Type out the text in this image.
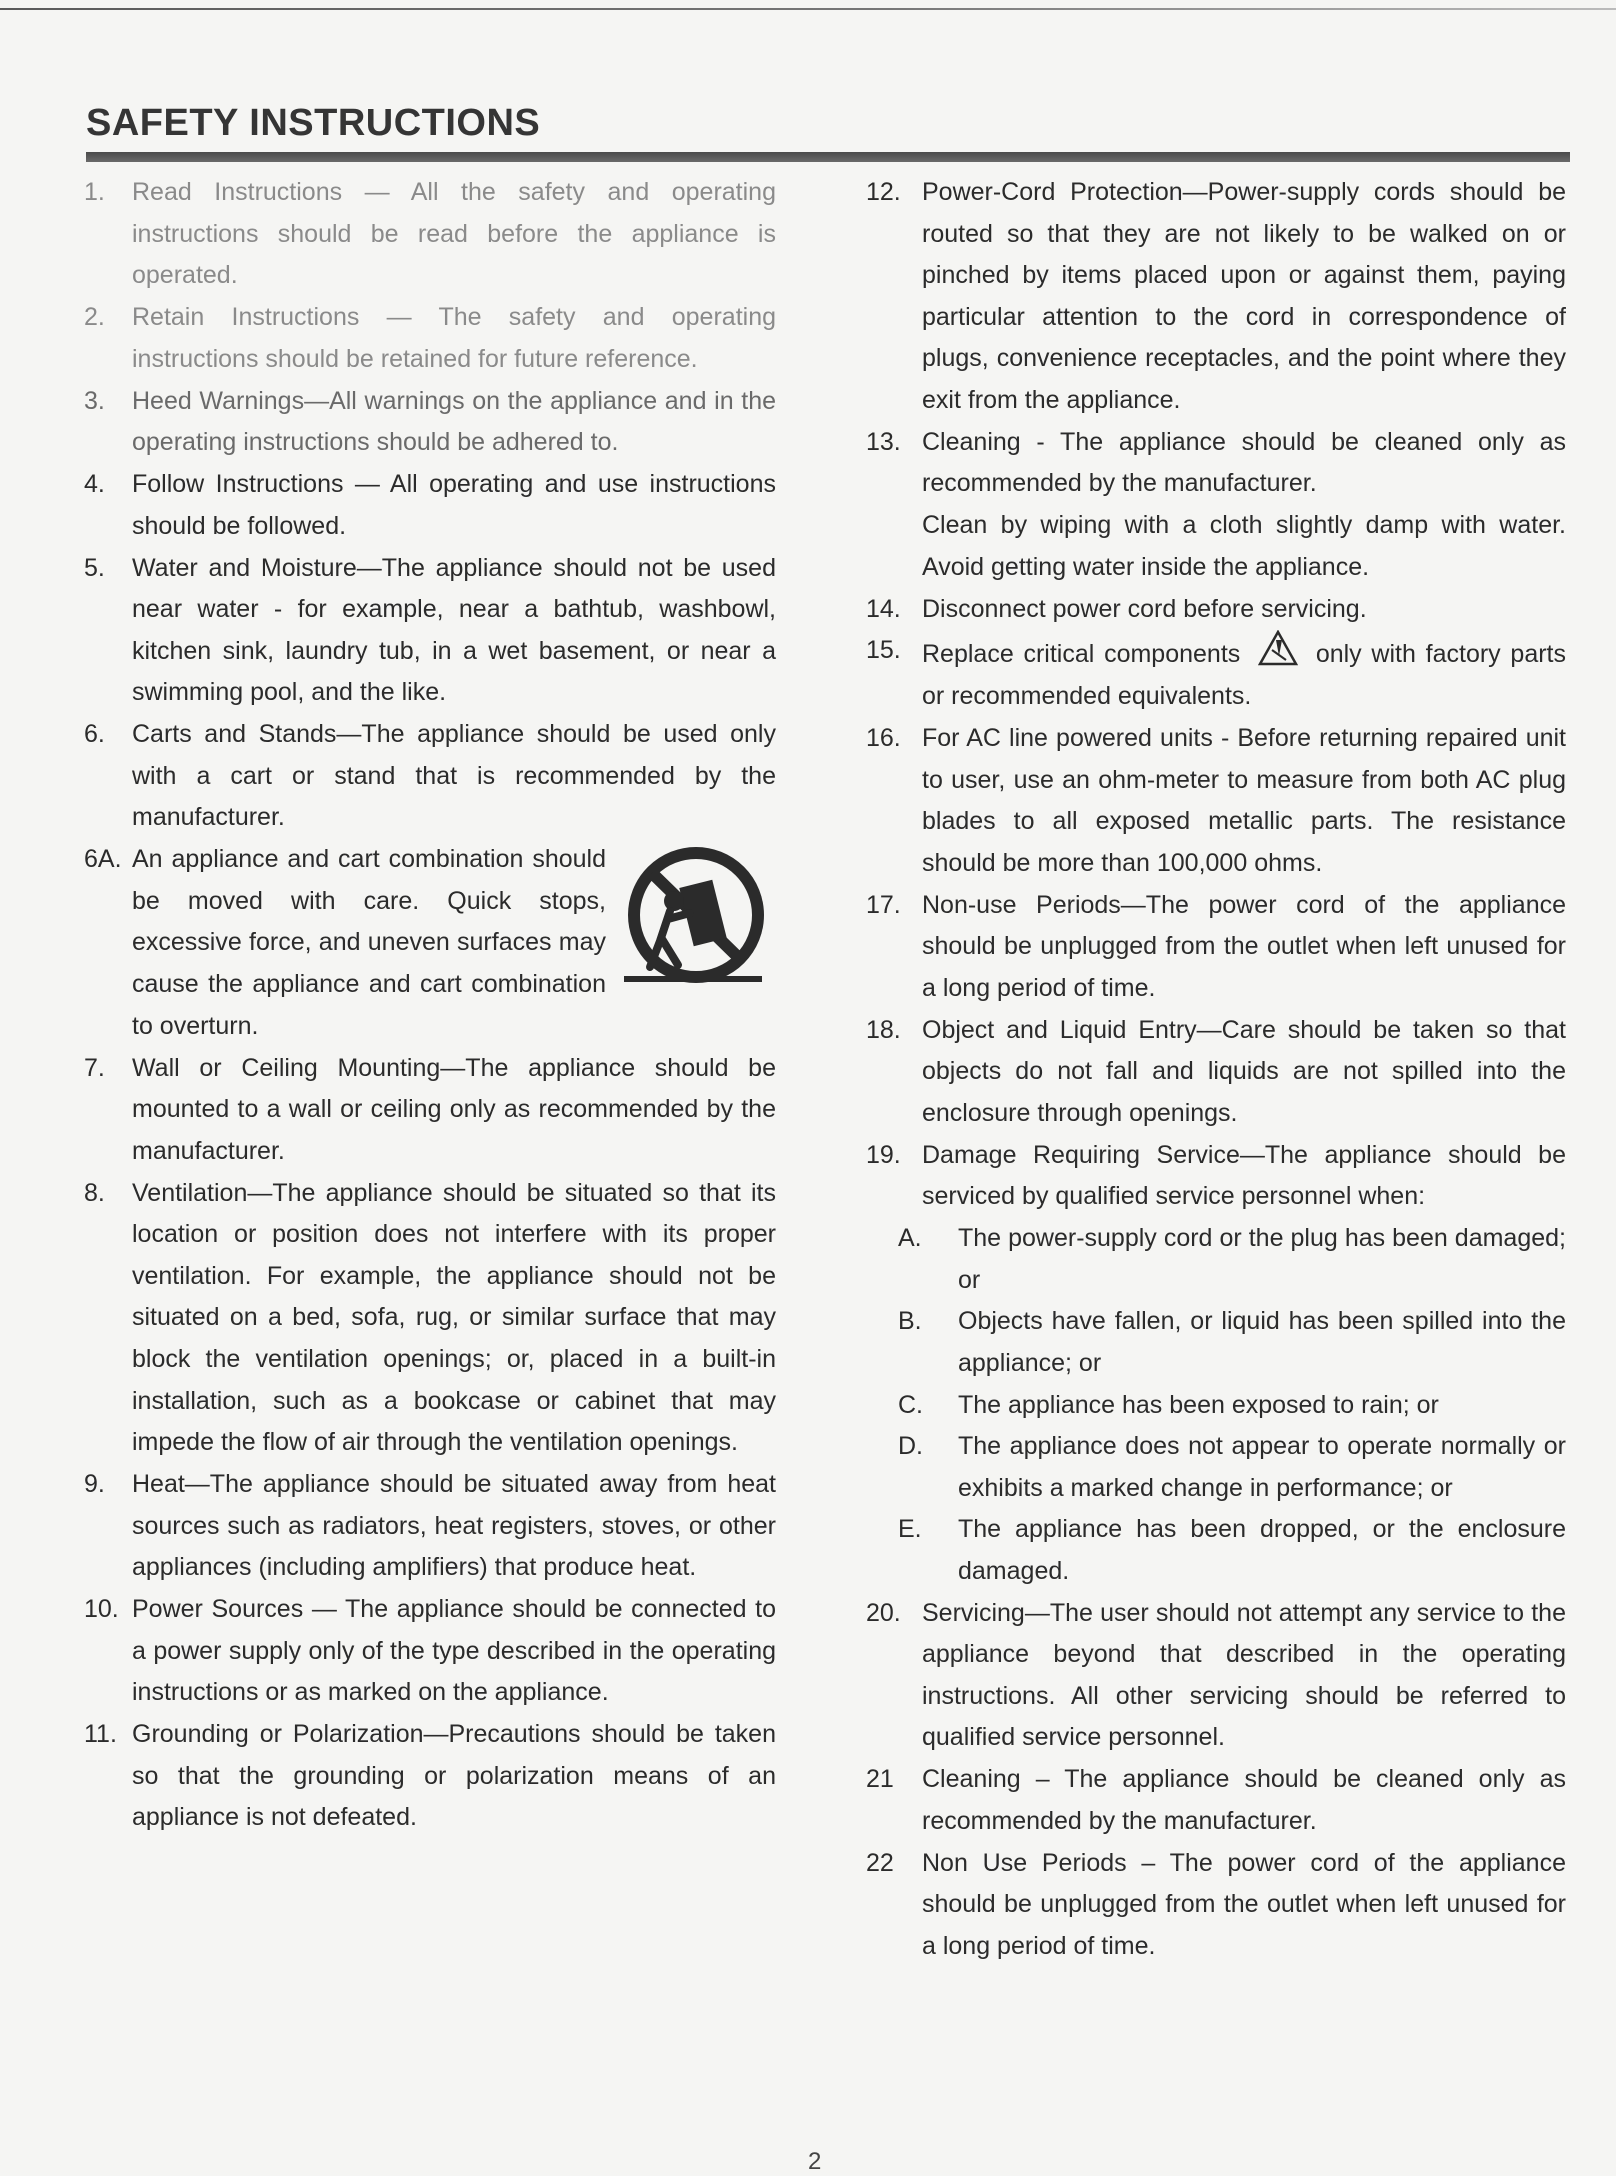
SAFETY INSTRUCTIONS
1. Read Instructions — All the safety and operating instructions should be read before the appliance is operated.
2. Retain Instructions — The safety and operating instructions should be retained for future reference.
3. Heed Warnings—All warnings on the appliance and in the operating instructions should be adhered to.
4. Follow Instructions — All operating and use instructions should be followed.
5. Water and Moisture—The appliance should not be used near water - for example, near a bathtub, washbowl, kitchen sink, laundry tub, in a wet basement, or near a swimming pool, and the like.
6. Carts and Stands—The appliance should be used only with a cart or stand that is recommended by the manufacturer.
6A. An appliance and cart combination should be moved with care. Quick stops, excessive force, and uneven surfaces may cause the appliance and cart combination to overturn.
7. Wall or Ceiling Mounting—The appliance should be mounted to a wall or ceiling only as recommended by the manufacturer.
8. Ventilation—The appliance should be situated so that its location or position does not interfere with its proper ventilation. For example, the appliance should not be situated on a bed, sofa, rug, or similar surface that may block the ventilation openings; or, placed in a built-in installation, such as a bookcase or cabinet that may impede the flow of air through the ventilation openings.
9. Heat—The appliance should be situated away from heat sources such as radiators, heat registers, stoves, or other appliances (including amplifiers) that produce heat.
10. Power Sources — The appliance should be connected to a power supply only of the type described in the operating instructions or as marked on the appliance.
11. Grounding or Polarization—Precautions should be taken so that the grounding or polarization means of an appliance is not defeated.
12. Power-Cord Protection—Power-supply cords should be routed so that they are not likely to be walked on or pinched by items placed upon or against them, paying particular attention to the cord in correspondence of plugs, convenience receptacles, and the point where they exit from the appliance.
13. Cleaning - The appliance should be cleaned only as recommended by the manufacturer.
Clean by wiping with a cloth slightly damp with water. Avoid getting water inside the appliance.
14. Disconnect power cord before servicing.
15. Replace critical components	only with factory parts or recommended equivalents.
16. For AC line powered units - Before returning repaired unit to user, use an ohm-meter to measure from both AC plug blades to all exposed metallic parts. The resistance should be more than 100,000 ohms.
17. Non-use Periods—The power cord of the appliance should be unplugged from the outlet when left unused for a long period of time.
18. Object and Liquid Entry—Care should be taken so that objects do not fall and liquids are not spilled into the enclosure through openings.
19. Damage Requiring Service—The appliance should be serviced by qualified service personnel when:
A. The power-supply cord or the plug has been damaged; or
B. Objects have fallen, or liquid has been spilled into the appliance; or
C. The appliance has been exposed to rain; or
D. The appliance does not appear to operate normally or exhibits a marked change in performance; or
E. The appliance has been dropped, or the enclosure damaged.
20. Servicing—The user should not attempt any service to the appliance beyond that described in the operating instructions. All other servicing should be referred to qualified service personnel.
21 Cleaning – The appliance should be cleaned only as recommended by the manufacturer.
22 Non Use Periods – The power cord of the appliance should be unplugged from the outlet when left unused for a long period of time.
2
